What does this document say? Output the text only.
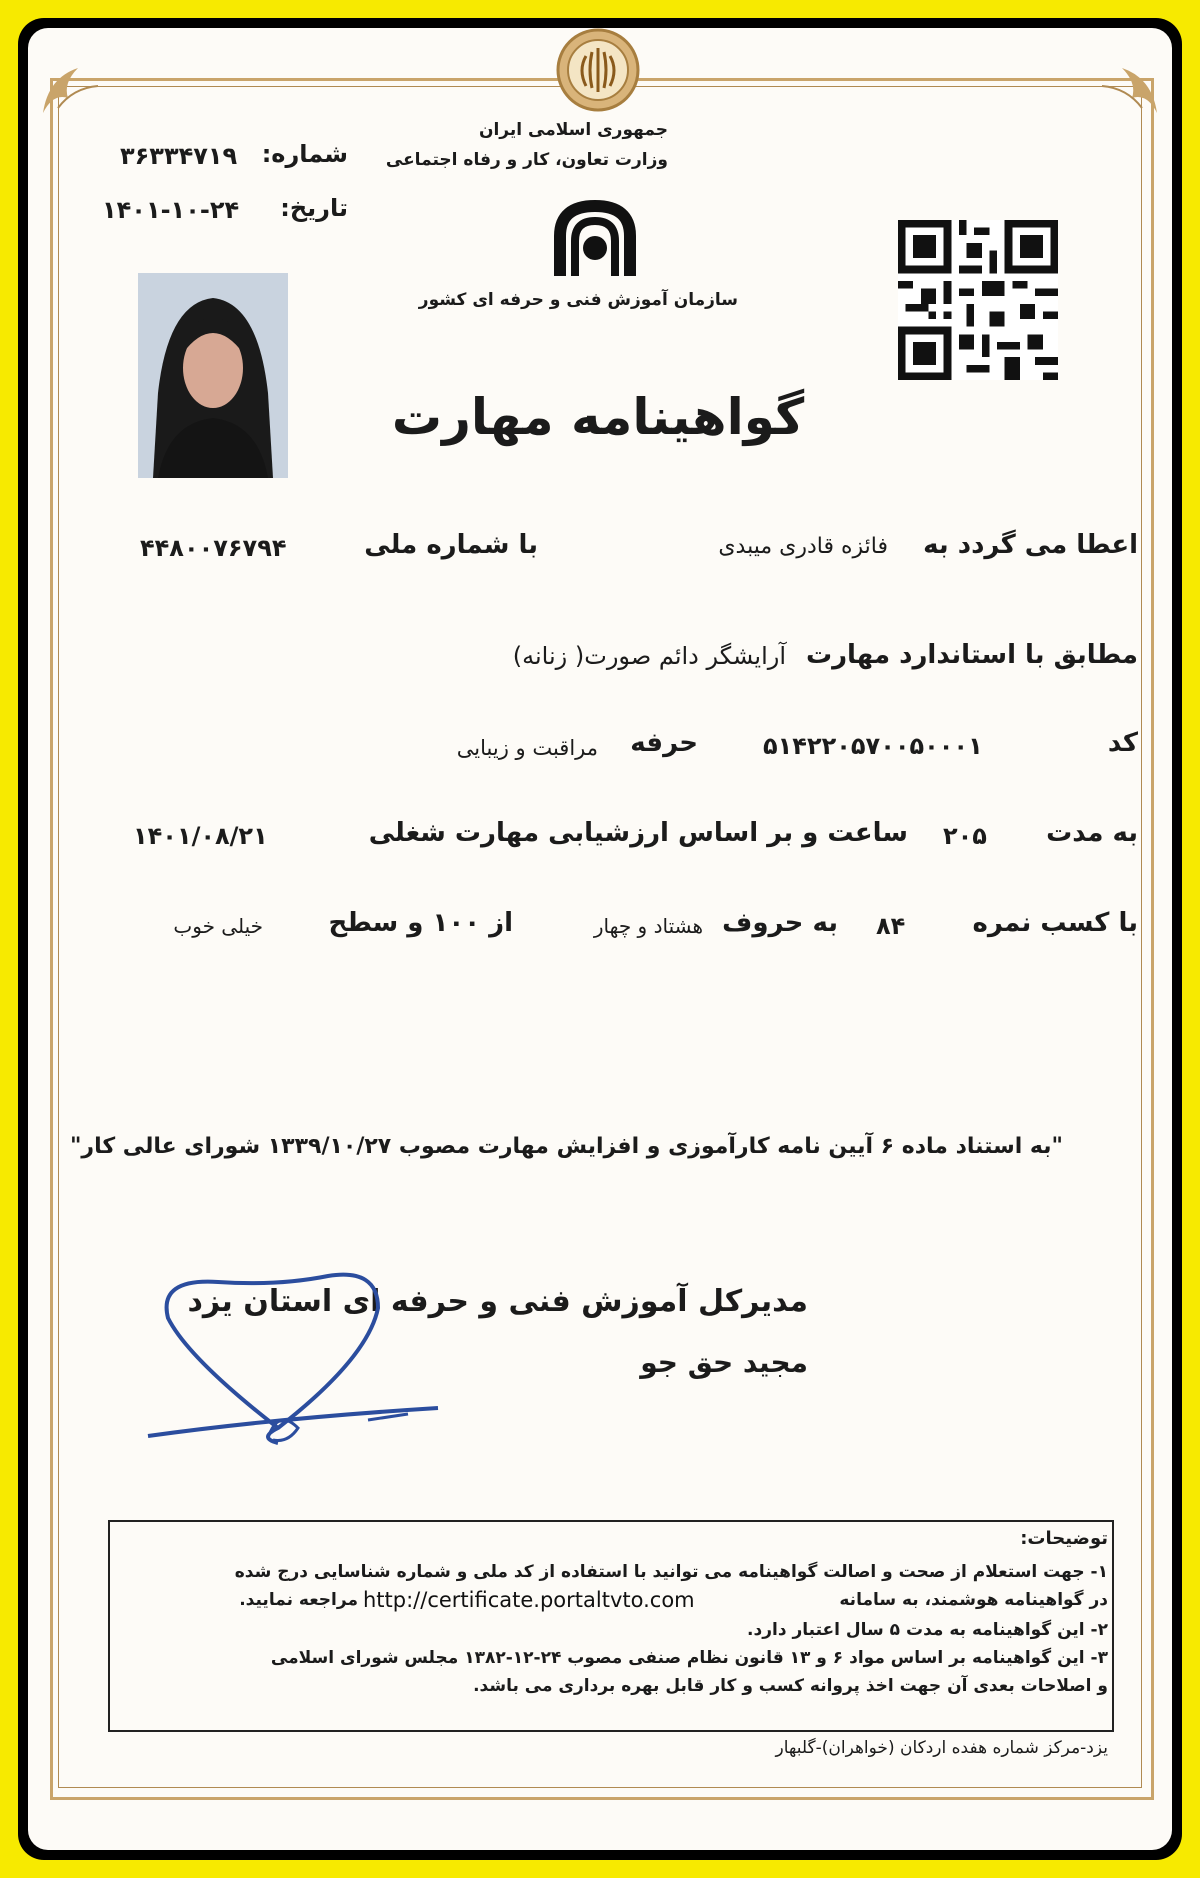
جمهوری اسلامی ایران
وزارت تعاون، کار و رفاه اجتماعی
شماره:
۳۶۳۳۴۷۱۹
تاریخ:
۱۴۰۱-۱۰-۲۴
سازمان آموزش فنی و حرفه ای کشور
گواهینامه مهارت
اعطا می گردد به
فائزه قادری میبدی
با شماره ملی
۴۴۸۰۰۷۶۷۹۴
مطابق با استاندارد مهارت
آرایشگر دائم صورت( زنانه)
کد
۵۱۴۲۲۰۵۷۰۰۵۰۰۰۱
حرفه
مراقبت و زیبایی
به مدت
۲۰۵
ساعت و بر اساس ارزشیابی مهارت شغلی
۱۴۰۱/۰۸/۲۱
با کسب نمره
۸۴
به حروف
هشتاد و چهار
از ۱۰۰ و سطح
خیلی خوب
"به استناد ماده ۶ آیین نامه کارآموزی و افزایش مهارت مصوب ۱۳۳۹/۱۰/۲۷ شورای عالی کار"
مدیرکل آموزش فنی و حرفه ای استان یزد
مجید حق جو
توضیحات:
۱- جهت استعلام از صحت و اصالت گواهینامه می توانید با استفاده از کد ملی و شماره شناسایی درج شده
در گواهینامه هوشمند، به سامانه
http://certificate.portaltvto.com
مراجعه نمایید.
۲- این گواهینامه به مدت ۵ سال اعتبار دارد.
۳- این گواهینامه بر اساس مواد ۶ و ۱۳ قانون نظام صنفی مصوب ۲۴-۱۲-۱۳۸۲ مجلس شورای اسلامی
و اصلاحات بعدی آن جهت اخذ پروانه کسب و کار قابل بهره برداری می باشد.
یزد-مرکز شماره هفده اردکان (خواهران)-گلبهار
